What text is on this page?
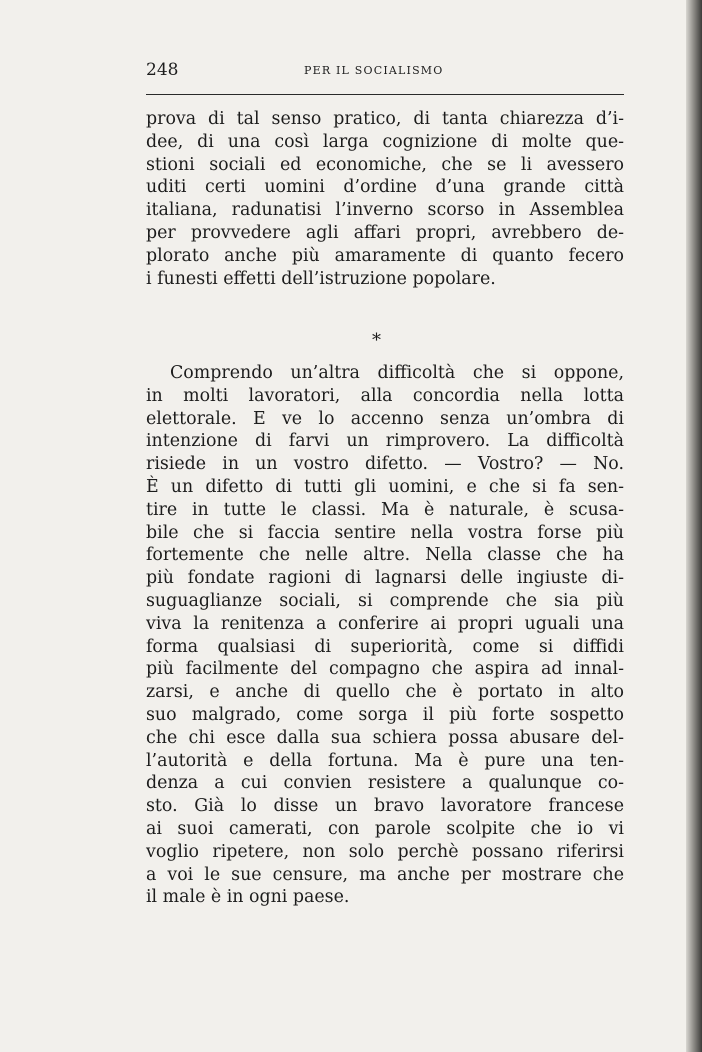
248	PER IL SOCIALISMO
prova di tal senso pratico, di tanta chiarezza d’i-
dee, di una così larga cognizione di molte que-
stioni sociali ed economiche, che se li avessero
uditi certi uomini d’ordine d’una grande città
italiana, radunatisi l’inverno scorso in Assemblea
per provvedere agli affari propri, avrebbero de-
plorato anche più amaramente di quanto fecero
i funesti effetti dell’istruzione popolare.
*
Comprendo un’altra difficoltà che si oppone,
in molti lavoratori, alla concordia nella lotta
elettorale. E ve lo accenno senza un’ombra di
intenzione di farvi un rimprovero. La difficoltà
risiede in un vostro difetto. — Vostro? — No.
È un difetto di tutti gli uomini, e che si fa sen-
tire in tutte le classi. Ma è naturale, è scusa-
bile che si faccia sentire nella vostra forse più
fortemente che nelle altre. Nella classe che ha
più fondate ragioni di lagnarsi delle ingiuste di-
suguaglianze sociali, si comprende che sia più
viva la renitenza a conferire ai propri uguali una
forma qualsiasi di superiorità, come si diffidi
più facilmente del compagno che aspira ad innal-
zarsi, e anche di quello che è portato in alto
suo malgrado, come sorga il più forte sospetto
che chi esce dalla sua schiera possa abusare del-
l’autorità e della fortuna. Ma è pure una ten-
denza a cui convien resistere a qualunque co-
sto. Già lo disse un bravo lavoratore francese
ai suoi camerati, con parole scolpite che io vi
voglio ripetere, non solo perchè possano riferirsi
a voi le sue censure, ma anche per mostrare che
il male è in ogni paese.
